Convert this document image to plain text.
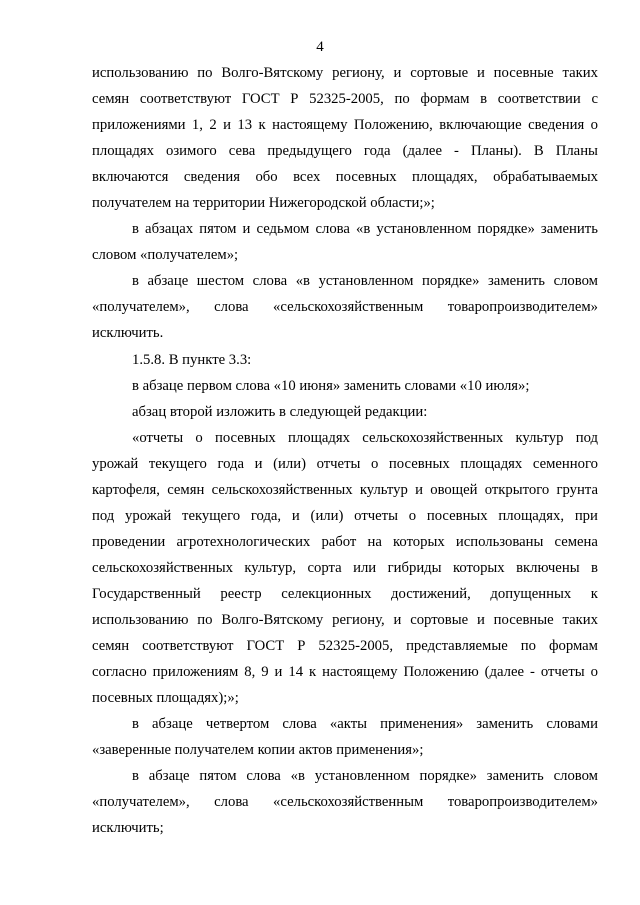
4
использованию по Волго-Вятскому региону, и сортовые и посевные таких
семян соответствуют ГОСТ Р 52325-2005, по формам в соответствии с
приложениями 1, 2 и 13 к настоящему Положению, включающие сведения о
площадях озимого сева предыдущего года (далее - Планы). В Планы
включаются сведения обо всех посевных площадях, обрабатываемых
получателем на территории Нижегородской области;»;
в абзацах пятом и седьмом слова «в установленном порядке» заменить
словом «получателем»;
в абзаце шестом слова «в установленном порядке» заменить словом
«получателем», слова «сельскохозяйственным товаропроизводителем»
исключить.
1.5.8. В пункте 3.3:
в абзаце первом слова «10 июня» заменить словами «10 июля»;
абзац второй изложить в следующей редакции:
«отчеты о посевных площадях сельскохозяйственных культур под
урожай текущего года и (или) отчеты о посевных площадях семенного
картофеля, семян сельскохозяйственных культур и овощей открытого грунта
под урожай текущего года, и (или) отчеты о посевных площадях, при
проведении агротехнологических работ на которых использованы семена
сельскохозяйственных культур, сорта или гибриды которых включены в
Государственный реестр селекционных достижений, допущенных к
использованию по Волго-Вятскому региону, и сортовые и посевные таких
семян соответствуют ГОСТ Р 52325-2005, представляемые по формам
согласно приложениям 8, 9 и 14 к настоящему Положению (далее - отчеты о
посевных площадях);»;
в абзаце четвертом слова «акты применения» заменить словами
«заверенные получателем копии актов применения»;
в абзаце пятом слова «в установленном порядке» заменить словом
«получателем», слова «сельскохозяйственным товаропроизводителем»
исключить;
